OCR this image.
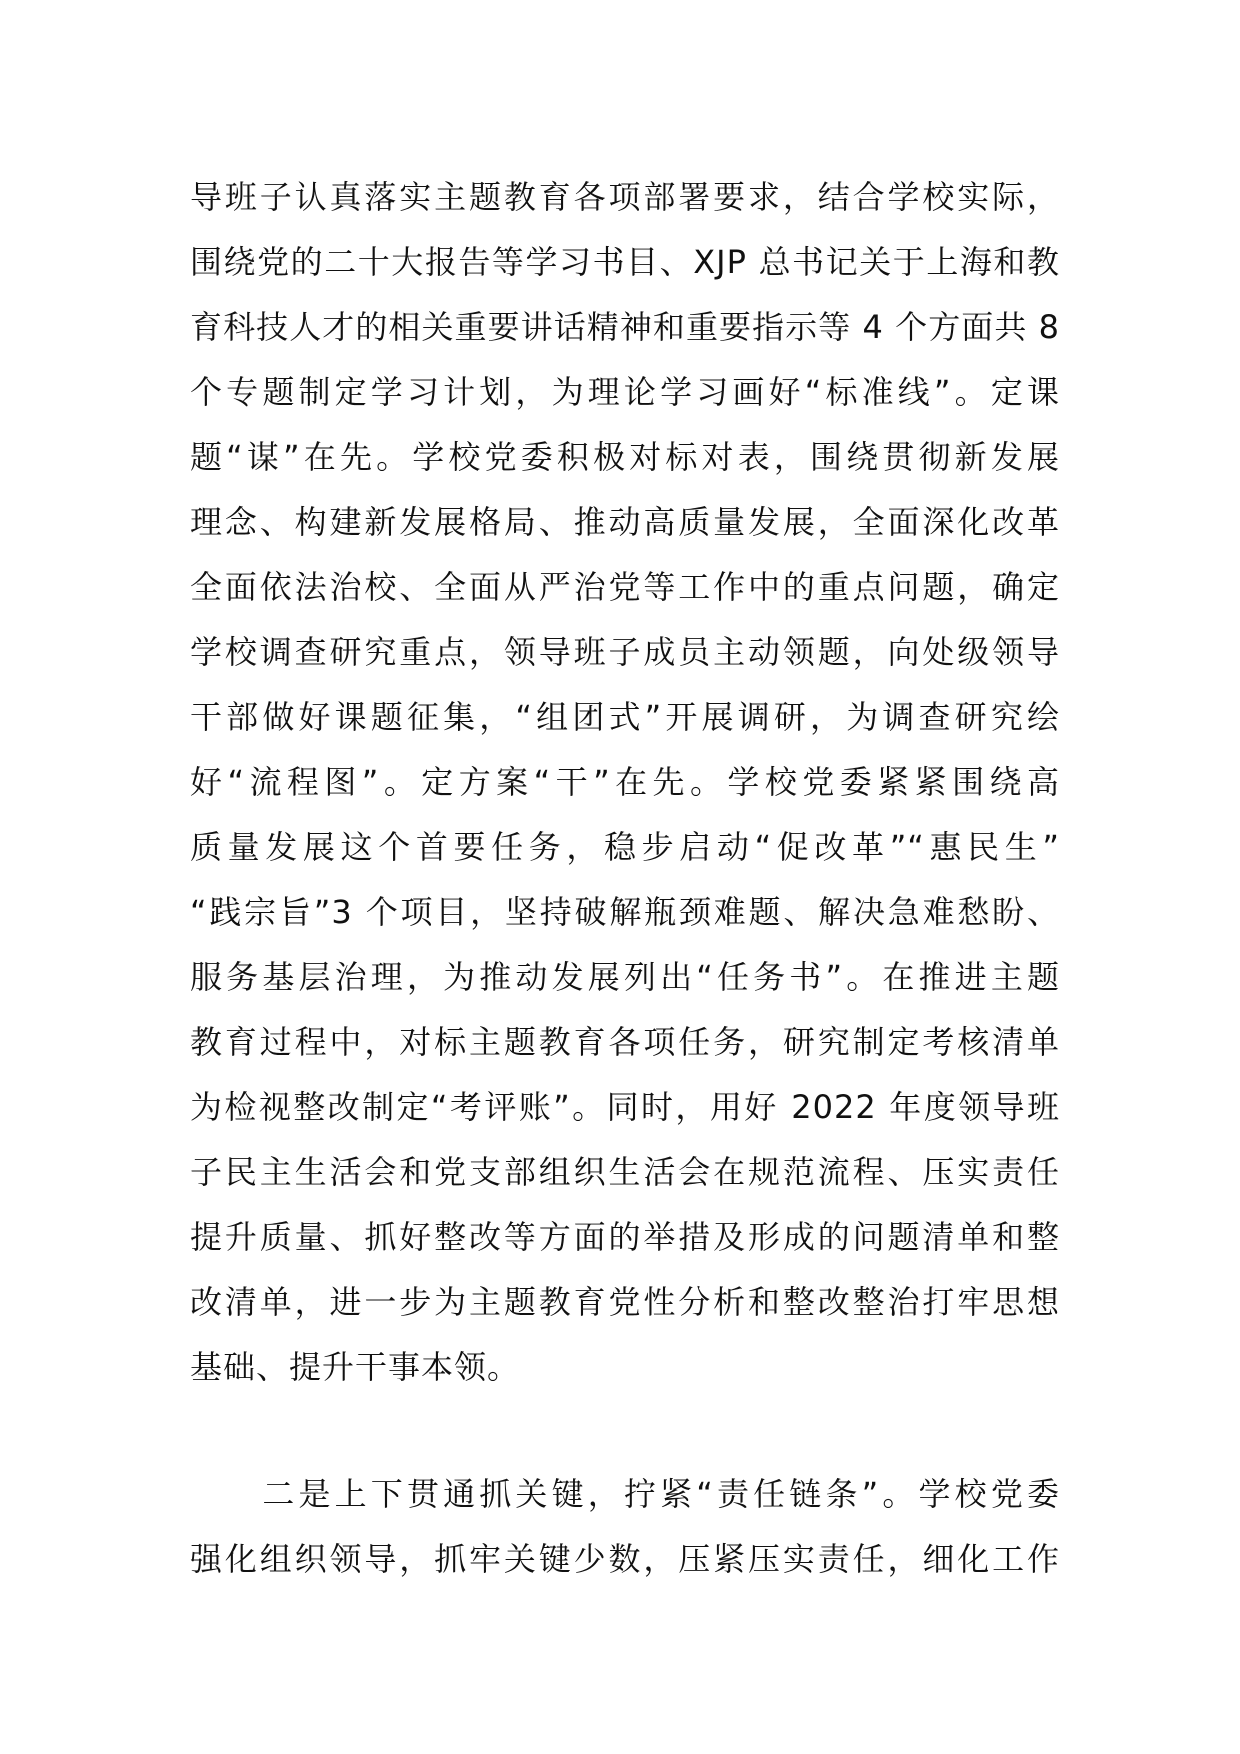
导班子认真落实主题教育各项部署要求，结合学校实际，
围绕党的二十大报告等学习书目、XJP 总书记关于上海和教
育科技人才的相关重要讲话精神和重要指示等 4 个方面共 8
个专题制定学习计划，为理论学习画好“标准线”。定课
题“谋”在先。学校党委积极对标对表，围绕贯彻新发展
理念、构建新发展格局、推动高质量发展，全面深化改革
全面依法治校、全面从严治党等工作中的重点问题，确定
学校调查研究重点，领导班子成员主动领题，向处级领导
干部做好课题征集，“组团式”开展调研，为调查研究绘
好“流程图”。定方案“干”在先。学校党委紧紧围绕高
质量发展这个首要任务，稳步启动“促改革”“惠民生”
“践宗旨”3 个项目，坚持破解瓶颈难题、解决急难愁盼、
服务基层治理，为推动发展列出“任务书”。在推进主题
教育过程中，对标主题教育各项任务，研究制定考核清单
为检视整改制定“考评账”。同时，用好 2022 年度领导班
子民主生活会和党支部组织生活会在规范流程、压实责任
提升质量、抓好整改等方面的举措及形成的问题清单和整
改清单，进一步为主题教育党性分析和整改整治打牢思想
基础、提升干事本领。
　　二是上下贯通抓关键，拧紧“责任链条”。学校党委
强化组织领导，抓牢关键少数，压紧压实责任，细化工作
